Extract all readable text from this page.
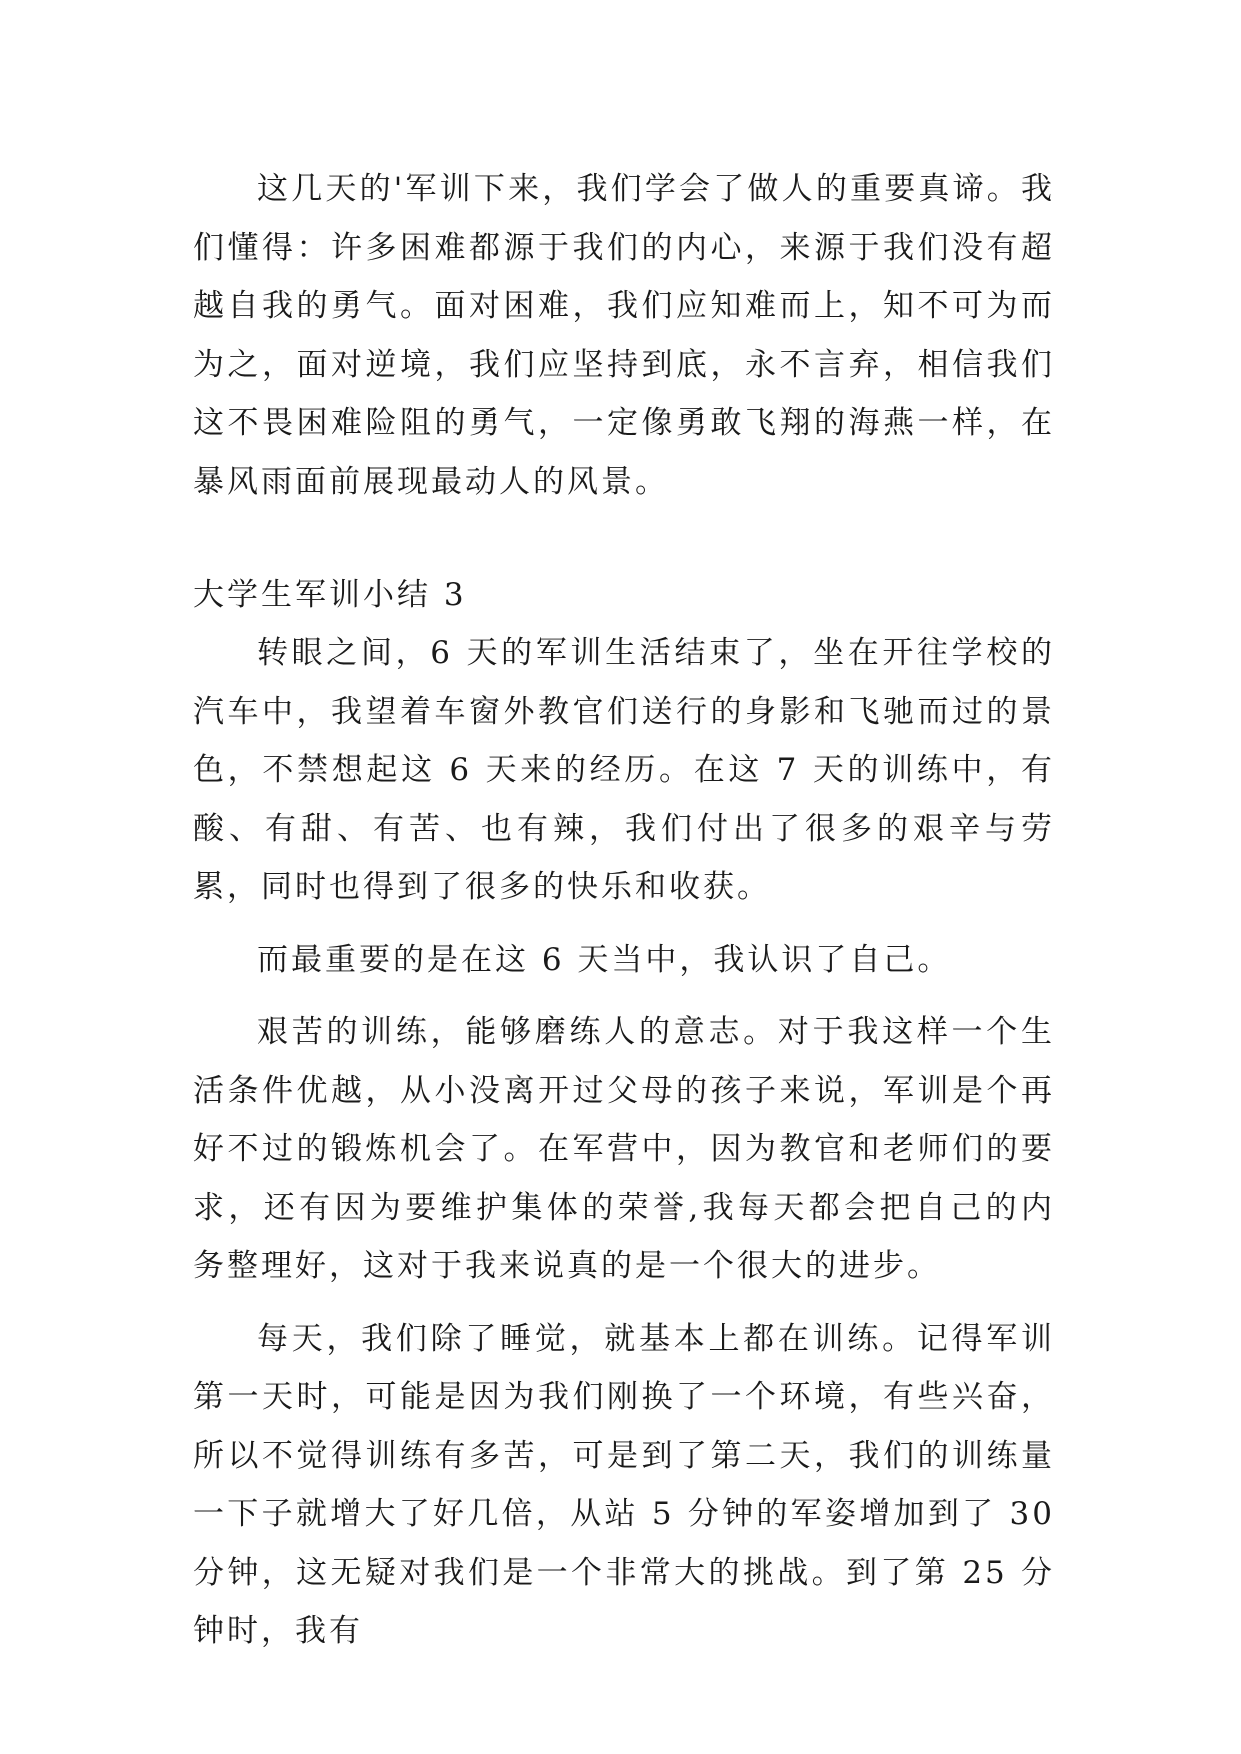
这几天的'军训下来，我们学会了做人的重要真谛。我们懂得：许多困难都源于我们的内心，来源于我们没有超越自我的勇气。面对困难，我们应知难而上，知不可为而为之，面对逆境，我们应坚持到底，永不言弃，相信我们这不畏困难险阻的勇气，一定像勇敢飞翔的海燕一样，在暴风雨面前展现最动人的风景。

大学生军训小结 3

转眼之间，6 天的军训生活结束了，坐在开往学校的汽车中，我望着车窗外教官们送行的身影和飞驰而过的景色，不禁想起这 6 天来的经历。在这 7 天的训练中，有酸、有甜、有苦、也有辣，我们付出了很多的艰辛与劳累，同时也得到了很多的快乐和收获。

而最重要的是在这 6 天当中，我认识了自己。

艰苦的训练，能够磨练人的意志。对于我这样一个生活条件优越，从小没离开过父母的孩子来说，军训是个再好不过的锻炼机会了。在军营中，因为教官和老师们的要求，还有因为要维护集体的荣誉,我每天都会把自己的内务整理好，这对于我来说真的是一个很大的进步。

每天，我们除了睡觉，就基本上都在训练。记得军训第一天时，可能是因为我们刚换了一个环境，有些兴奋，所以不觉得训练有多苦，可是到了第二天，我们的训练量一下子就增大了好几倍，从站 5 分钟的军姿增加到了 30 分钟，这无疑对我们是一个非常大的挑战。到了第 25 分钟时，我有
